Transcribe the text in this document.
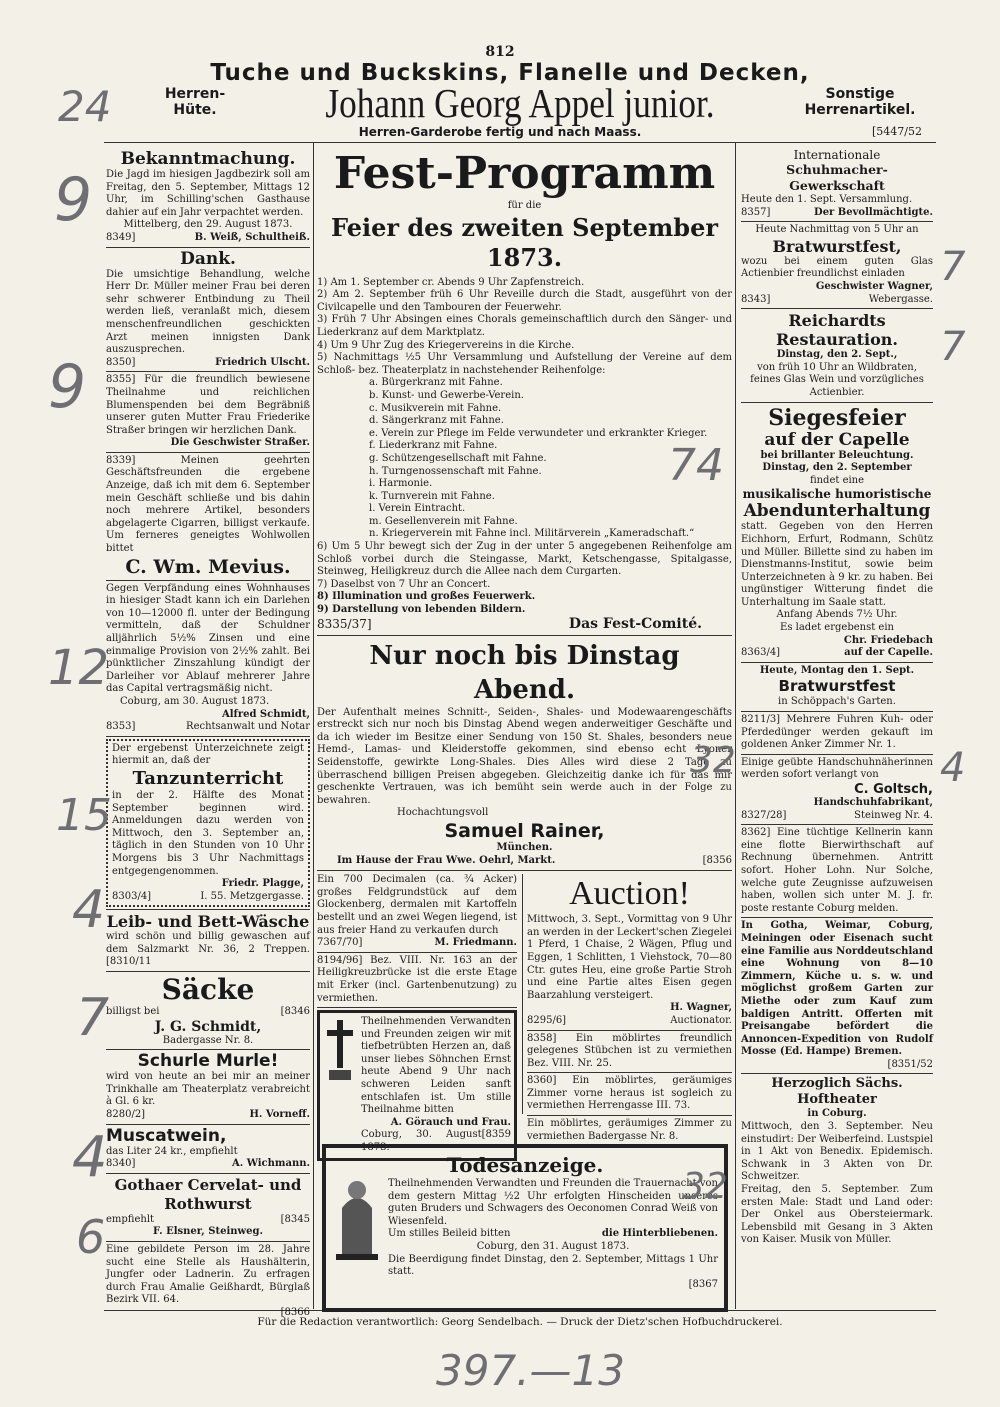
812
Tuche und Buckskins, Flanelle und Decken,
Herren-
Hüte.	Johann Georg Appel junior.	Sonstige
Herrenartikel.
Herren-Garderobe fertig und nach Maass.	[5447/52
Bekanntmachung.

Die Jagd im hiesigen Jagdbezirk soll am Freitag, den 5. September, Mittags 12 Uhr, im Schilling'schen Gasthause dahier auf ein Jahr verpachtet werden.

Mittelberg, den 29. August 1873.

8349]	B. Weiß, Schultheiß.
Dank.

Die umsichtige Behandlung, welche Herr Dr. Müller meiner Frau bei deren sehr schwerer Entbindung zu Theil werden ließ, veranlaßt mich, diesem menschenfreundlichen geschickten Arzt meinen innigsten Dank auszusprechen.

8350]	Friedrich Ulscht.

8355] Für die freundlich bewiesene Theilnahme und reichlichen Blumenspenden bei dem Begräbniß unserer guten Mutter Frau Friederike Straßer bringen wir herzlichen Dank.

Die Geschwister Straßer.

8339] Meinen geehrten Geschäftsfreunden die ergebene Anzeige, daß ich mit dem 6. September mein Geschäft schließe und bis dahin noch mehrere Artikel, besonders abgelagerte Cigarren, billigst verkaufe. Um ferneres geneigtes Wohlwollen bittet

C. Wm. Mevius.

Gegen Verpfändung eines Wohnhauses in hiesiger Stadt kann ich ein Darlehen von 10—12000 fl. unter der Bedingung vermitteln, daß der Schuldner alljährlich 5½% Zinsen und eine einmalige Provision von 2½% zahlt. Bei pünktlicher Zinszahlung kündigt der Darleiher vor Ablauf mehrerer Jahre das Capital vertragsmäßig nicht.

Coburg, am 30. August 1873.

Alfred Schmidt,

8353]	Rechtsanwalt und Notar

Der ergebenst Unterzeichnete zeigt hiermit an, daß der

Tanzunterricht

in der 2. Hälfte des Monat September beginnen wird. Anmeldungen dazu werden von Mittwoch, den 3. September an, täglich in den Stunden von 10 Uhr Morgens bis 3 Uhr Nachmittags entgegengenommen.

Friedr. Plagge,

8303/4]	I. 55. Metzgergasse.
Leib- und Bett-Wäsche

wird schön und billig gewaschen auf dem Salzmarkt Nr. 36, 2 Treppen. [8310/11

Säcke
billigst bei	[8346

J. G. Schmidt,

Badergasse Nr. 8.

Schurle Murle!

wird von heute an bei mir an meiner Trinkhalle am Theaterplatz verabreicht à Gl. 6 kr.

8280/2]	H. Vorneff.
Muscatwein,

das Liter 24 kr., empfiehlt

8340]	A. Wichmann.
Gothaer Cervelat- und
Rothwurst
empfiehlt	[8345

F. Elsner, Steinweg.

Eine gebildete Person im 28. Jahre sucht eine Stelle als Haushälterin, Jungfer oder Ladnerin. Zu erfragen durch Frau Amalie Geißhardt, Bürglaß Bezirk VII. 64.

[8366

Fest-Programm
für die
Feier des zweiten September 1873.
1) Am 1. September cr. Abends 9 Uhr Zapfenstreich.
2) Am 2. September früh 6 Uhr Reveille durch die Stadt, ausgeführt von der Civilcapelle und den Tambouren der Feuerwehr.
3) Früh 7 Uhr Absingen eines Chorals gemeinschaftlich durch den Sänger- und Liederkranz auf dem Marktplatz.
4) Um 9 Uhr Zug des Kriegervereins in die Kirche.
5) Nachmittags ½5 Uhr Versammlung und Aufstellung der Vereine auf dem Schloß- bez. Theaterplatz in nachstehender Reihenfolge:
a. Bürgerkranz mit Fahne.
b. Kunst- und Gewerbe-Verein.
c. Musikverein mit Fahne.
d. Sängerkranz mit Fahne.
e. Verein zur Pflege im Felde verwundeter und erkrankter Krieger.
f. Liederkranz mit Fahne.
g. Schützengesellschaft mit Fahne.
h. Turngenossenschaft mit Fahne.
i. Harmonie.
k. Turnverein mit Fahne.
l. Verein Eintracht.
m. Gesellenverein mit Fahne.
n. Kriegerverein mit Fahne incl. Militärverein „Kameradschaft.“
6) Um 5 Uhr bewegt sich der Zug in der unter 5 angegebenen Reihenfolge am Schloß vorbei durch die Steingasse, Markt, Ketschengasse, Spitalgasse, Steinweg, Heiligkreuz durch die Allee nach dem Curgarten.
7) Daselbst von 7 Uhr an Concert.
8) Illumination und großes Feuerwerk.
9) Darstellung von lebenden Bildern.
8335/37]	Das Fest-Comité.
Nur noch bis Dinstag Abend.

Der Aufenthalt meines Schnitt-, Seiden-, Shales- und Modewaarengeschäfts erstreckt sich nur noch bis Dinstag Abend wegen anderweitiger Geschäfte und da ich wieder im Besitze einer Sendung von 150 St. Shales, besonders neue Hemd-, Lamas- und Kleiderstoffe gekommen, sind ebenso echt Lyoner Seidenstoffe, gewirkte Long-Shales. Dies Alles wird diese 2 Tage zu überraschend billigen Preisen abgegeben. Gleichzeitig danke ich für das mir geschenkte Vertrauen, was ich bemüht sein werde auch in der Folge zu bewahren.

Hochachtungsvoll

Samuel Rainer,

München.

Im Hause der Frau Wwe. Oehrl, Markt.	[8356

Ein 700 Decimalen (ca. ¾ Acker) großes Feldgrundstück auf dem Glockenberg, dermalen mit Kartoffeln bestellt und an zwei Wegen liegend, ist aus freier Hand zu verkaufen durch

7367/70]	M. Friedmann.

8194/96] Bez. VIII. Nr. 163 an der Heiligkreuzbrücke ist die erste Etage mit Erker (incl. Gartenbenutzung) zu vermiethen.

Theilnehmenden Verwandten und Freunden zeigen wir mit tiefbetrübten Herzen an, daß unser liebes Söhnchen Ernst heute Abend 9 Uhr nach schweren Leiden sanft entschlafen ist. Um stille Theilnahme bitten

A. Görauch und Frau.

Coburg, 30. August 1873.
[8359
Auction!

Mittwoch, 3. Sept., Vormittag von 9 Uhr an werden in der Leckert'schen Ziegelei 1 Pferd, 1 Chaise, 2 Wägen, Pflug und Eggen, 1 Schlitten, 1 Viehstock, 70—80 Ctr. gutes Heu, eine große Partie Stroh und eine Partie altes Eisen gegen Baarzahlung versteigert.

H. Wagner,

8295/6]	Auctionator.

8358] Ein möblirtes freundlich gelegenes Stübchen ist zu vermiethen Bez. VIII. Nr. 25.

8360] Ein möblirtes, geräumiges Zimmer vorne heraus ist sogleich zu vermiethen Herrengasse III. 73.

Ein möblirtes, geräumiges Zimmer zu vermiethen Badergasse Nr. 8.

Todesanzeige.

Theilnehmenden Verwandten und Freunden die Trauernacht von dem gestern Mittag ½2 Uhr erfolgten Hinscheiden unseres guten Bruders und Schwagers des Oeconomen Conrad Weiß von Wiesenfeld.

Um stilles Beileid bitten	die Hinterbliebenen.

Coburg, den 31. August 1873.

Die Beerdigung findet Dinstag, den 2. September, Mittags 1 Uhr statt.

[8367

Internationale
Schuhmacher-Gewerkschaft

Heute den 1. Sept. Versammlung.

8357]	Der Bevollmächtigte.

Heute Nachmittag von 5 Uhr an

Bratwurstfest,

wozu bei einem guten Glas Actienbier freundlichst einladen

Geschwister Wagner,

8343]	Webergasse.
Reichardts Restauration.

Dinstag, den 2. Sept.,

von früh 10 Uhr an Wildbraten, feines Glas Wein und vorzügliches Actienbier.

Siegesfeier
auf der Capelle

bei brillanter Beleuchtung.

Dinstag, den 2. September

findet eine

musikalische humoristische

Abendunterhaltung

statt. Gegeben von den Herren Eichhorn, Erfurt, Rodmann, Schütz und Müller. Billette sind zu haben im Dienstmanns-Institut, sowie beim Unterzeichneten à 9 kr. zu haben. Bei ungünstiger Witterung findet die Unterhaltung im Saale statt.

Anfang Abends 7½ Uhr.

Es ladet ergebenst ein

Chr. Friedebach

8363/4]	auf der Capelle.

Heute, Montag den 1. Sept.

Bratwurstfest

in Schöppach's Garten.

8211/3] Mehrere Fuhren Kuh- oder Pferdedünger werden gekauft im goldenen Anker Zimmer Nr. 1.

Einige geübte Handschuhnäherinnen werden sofort verlangt von

C. Goltsch,

Handschuhfabrikant,

8327/28]	Steinweg Nr. 4.

8362] Eine tüchtige Kellnerin kann eine flotte Bierwirthschaft auf Rechnung übernehmen. Antritt sofort. Hoher Lohn. Nur Solche, welche gute Zeugnisse aufzuweisen haben, wollen sich unter M. J. fr. poste restante Coburg melden.

In Gotha, Weimar, Coburg, Meiningen oder Eisenach sucht eine Familie aus Norddeutschland eine Wohnung von 8—10 Zimmern, Küche u. s. w. und möglichst großem Garten zur Miethe oder zum Kauf zum baldigen Antritt. Offerten mit Preisangabe befördert die Annoncen-Expedition von Rudolf Mosse (Ed. Hampe) Bremen.

[8351/52

Herzoglich Sächs. Hoftheater

in Coburg.

Mittwoch, den 3. September. Neu einstudirt: Der Weiberfeind. Lustspiel in 1 Akt von Benedix. Epidemisch. Schwank in 3 Akten von Dr. Schweitzer.

Freitag, den 5. September. Zum ersten Male: Stadt und Land oder: Der Onkel aus Obersteiermark. Lebensbild mit Gesang in 3 Akten von Kaiser. Musik von Müller.

Für die Redaction verantwortlich: Georg Sendelbach. — Druck der Dietz'schen Hofbuchdruckerei.
24
9
9
12
15
4
7
4
6
74
32
32
7
7
4
397.—13
